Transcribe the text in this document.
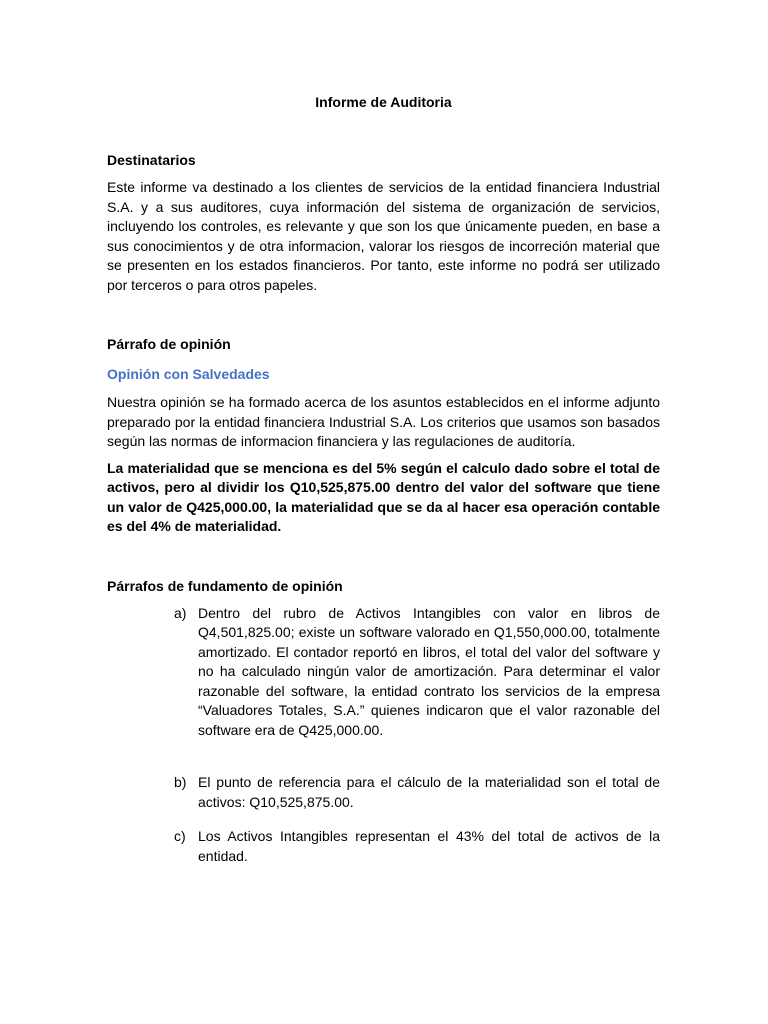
Informe de Auditoria
Destinatarios

Este informe va destinado a los clientes de servicios de la entidad financiera Industrial S.A. y a sus auditores, cuya información del sistema de organización de servicios, incluyendo los controles, es relevante y que son los que únicamente pueden, en base a sus conocimientos y de otra informacion, valorar los riesgos de incorreción material que se presenten en los estados financieros. Por tanto, este informe no podrá ser utilizado por terceros o para otros papeles.

Párrafo de opinión
Opinión con Salvedades

Nuestra opinión se ha formado acerca de los asuntos establecidos en el informe adjunto preparado por la entidad financiera Industrial S.A. Los criterios que usamos son basados según las normas de informacion financiera y las regulaciones de auditoría.

La materialidad que se menciona es del 5% según el calculo dado sobre el total de activos, pero al dividir los Q10,525,875.00 dentro del valor del software que tiene un valor de Q425,000.00, la materialidad que se da al hacer esa operación contable es del 4% de materialidad.

Párrafos de fundamento de opinión
a) Dentro del rubro de Activos Intangibles con valor en libros de Q4,501,825.00; existe un software valorado en Q1,550,000.00, totalmente amortizado. El contador reportó en libros, el total del valor del software y no ha calculado ningún valor de amortización. Para determinar el valor razonable del software, la entidad contrato los servicios de la empresa “Valuadores Totales, S.A.” quienes indicaron que el valor razonable del software era de Q425,000.00.
b) El punto de referencia para el cálculo de la materialidad son el total de activos: Q10,525,875.00.
c) Los Activos Intangibles representan el 43% del total de activos de la entidad.
